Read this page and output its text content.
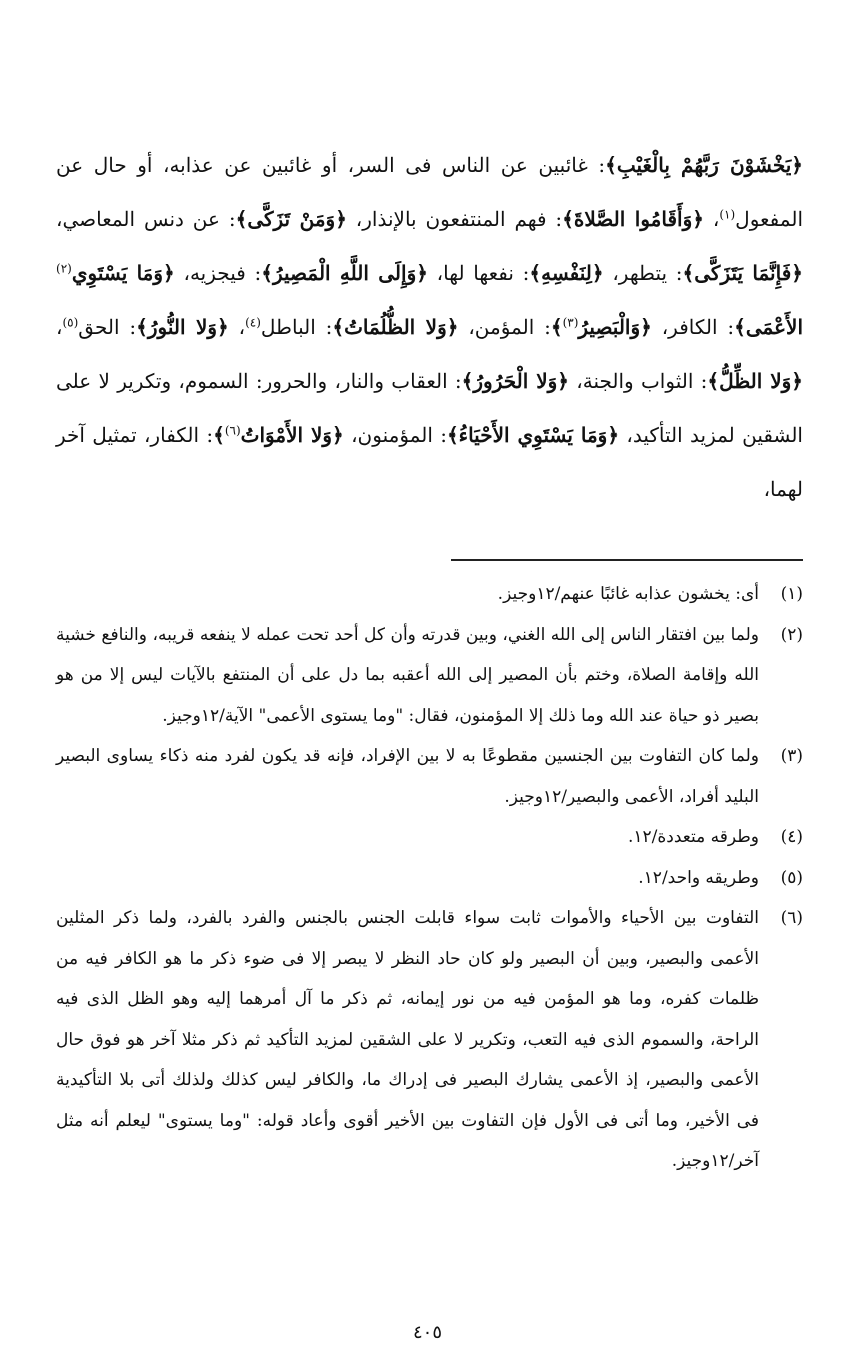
﴿يَخْشَوْنَ رَبَّهُمْ بِالْغَيْبِ﴾: غائبين عن الناس فى السر، أو غائبين عن عذابه، أو حال عن المفعول$^{(١)}$، ﴿وَأَقَامُوا الصَّلاةَ﴾: فهم المنتفعون بالإنذار، ﴿وَمَنْ تَزَكَّى﴾: عن دنس المعاصي، ﴿فَإِنَّمَا يَتَزَكَّى﴾: يتطهر، ﴿لِنَفْسِهِ﴾: نفعها لها، ﴿وَإِلَى اللَّهِ الْمَصِيرُ﴾: فيجزيه، ﴿وَمَا يَسْتَوِي$^{(٢)}$ الأَعْمَى﴾: الكافر، ﴿وَالْبَصِيرُ$^{(٣)}$﴾: المؤمن، ﴿وَلا الظُّلُمَاتُ﴾: الباطل$^{(٤)}$، ﴿وَلا النُّورُ﴾: الحق$^{(٥)}$، ﴿وَلا الظِّلُّ﴾: الثواب والجنة، ﴿وَلا الْحَرُورُ﴾: العقاب والنار، والحرور: السموم، وتكرير لا على الشقين لمزيد التأكيد، ﴿وَمَا يَسْتَوِي الأَحْيَاءُ﴾: المؤمنون، ﴿وَلا الأَمْوَاتُ$^{(٦)}$﴾: الكفار، تمثيل آخر لهما،
(١)
أى: يخشون عذابه غائبًا عنهم/١٢وجيز.
(٢)
ولما بين افتقار الناس إلى الله الغني، وبين قدرته وأن كل أحد تحت عمله لا ينفعه قريبه، والنافع خشية الله وإقامة الصلاة، وختم بأن المصير إلى الله أعقبه بما دل على أن المنتفع بالآيات ليس إلا من هو بصير ذو حياة عند الله وما ذلك إلا المؤمنون، فقال: "وما يستوى الأعمى" الآية/١٢وجيز.
(٣)
ولما كان التفاوت بين الجنسين مقطوعًا به لا بين الإفراد، فإنه قد يكون لفرد منه ذكاء يساوى البصير البليد أفراد، الأعمى والبصير/١٢وجيز.
(٤)
وطرقه متعددة/١٢.
(٥)
وطريقه واحد/١٢.
(٦)
التفاوت بين الأحياء والأموات ثابت سواء قابلت الجنس بالجنس والفرد بالفرد، ولما ذكر المثلين الأعمى والبصير، وبين أن البصير ولو كان حاد النظر لا يبصر إلا فى ضوء ذكر ما هو الكافر فيه من ظلمات كفره، وما هو المؤمن فيه من نور إيمانه، ثم ذكر ما آل أمرهما إليه وهو الظل الذى فيه الراحة، والسموم الذى فيه التعب، وتكرير لا على الشقين لمزيد التأكيد ثم ذكر مثلا آخر هو فوق حال الأعمى والبصير، إذ الأعمى يشارك البصير فى إدراك ما، والكافر ليس كذلك ولذلك أتى بلا التأكيدية فى الأخير، وما أتى فى الأول فإن التفاوت بين الأخير أقوى وأعاد قوله: "وما يستوى" ليعلم أنه مثل آخر/١٢وجيز.
٤٠٥
